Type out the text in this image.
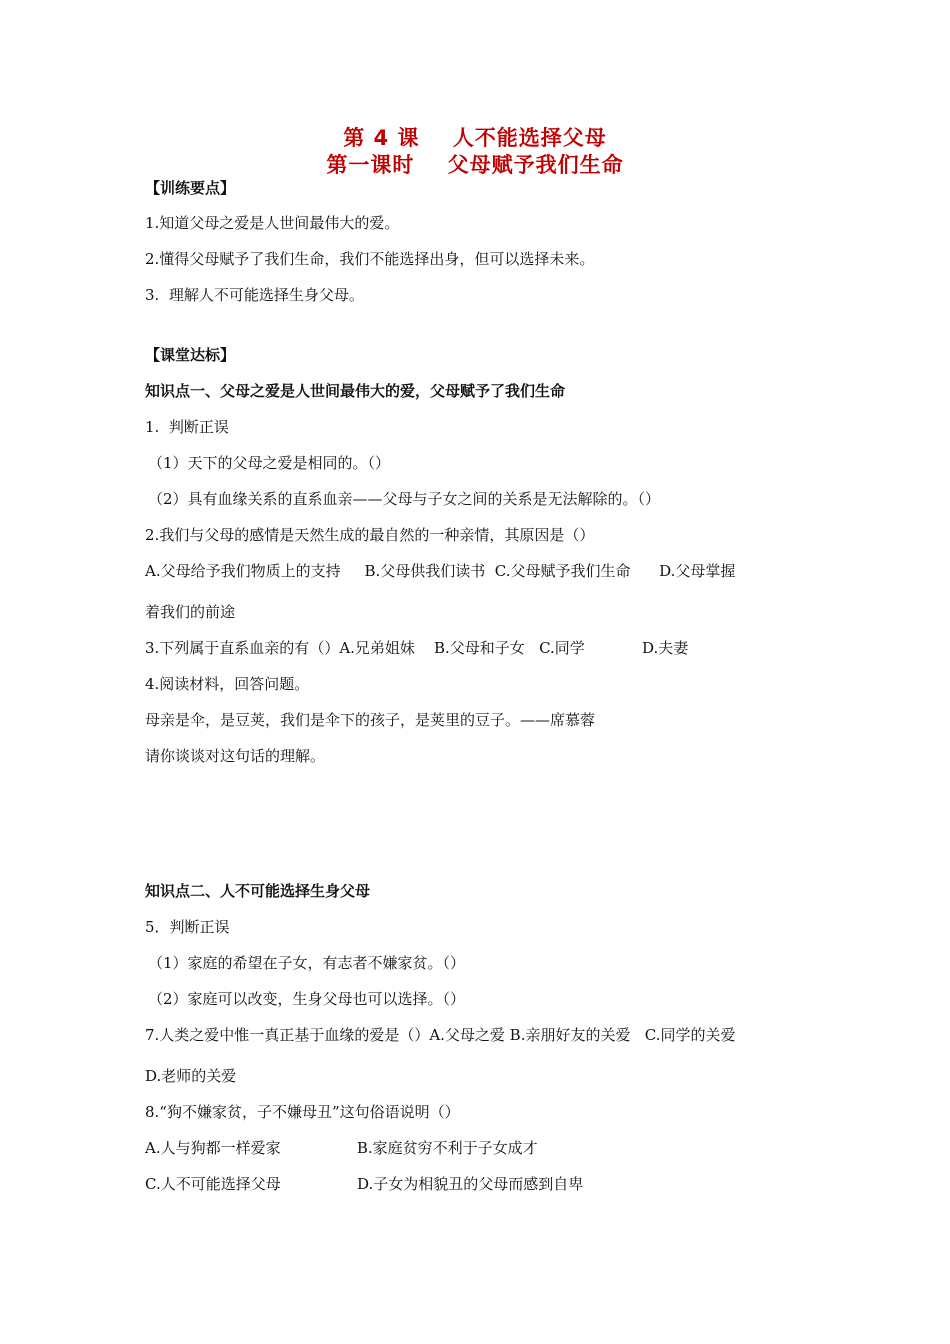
第 4 课    人不能选择父母
第一课时    父母赋予我们生命
【训练要点】
1.知道父母之爱是人世间最伟大的爱。
2.懂得父母赋予了我们生命，我们不能选择出身，但可以选择未来。
3.  理解人不可能选择生身父母。
【课堂达标】
知识点一、父母之爱是人世间最伟大的爱，父母赋予了我们生命
1.  判断正误
（1）天下的父母之爱是相同的。（）
（2）具有血缘关系的直系血亲——父母与子女之间的关系是无法解除的。（）
2.我们与父母的感情是天然生成的最自然的一种亲情，其原因是（）
A.父母给予我们物质上的支持     B.父母供我们读书  C.父母赋予我们生命      D.父母掌握
着我们的前途
3.下列属于直系血亲的有（）A.兄弟姐妹    B.父母和子女   C.同学            D.夫妻
4.阅读材料，回答问题。
母亲是伞，是豆荚，我们是伞下的孩子，是荚里的豆子。——席慕蓉
请你谈谈对这句话的理解。
知识点二、人不可能选择生身父母
5．判断正误
（1）家庭的希望在子女，有志者不嫌家贫。（）
（2）家庭可以改变，生身父母也可以选择。（）
7.人类之爱中惟一真正基于血缘的爱是（）A.父母之爱 B.亲朋好友的关爱   C.同学的关爱
D.老师的关爱
8.“狗不嫌家贫，子不嫌母丑”这句俗语说明（）
A.人与狗都一样爱家                B.家庭贫穷不利于子女成才
C.人不可能选择父母                D.子女为相貌丑的父母而感到自卑
